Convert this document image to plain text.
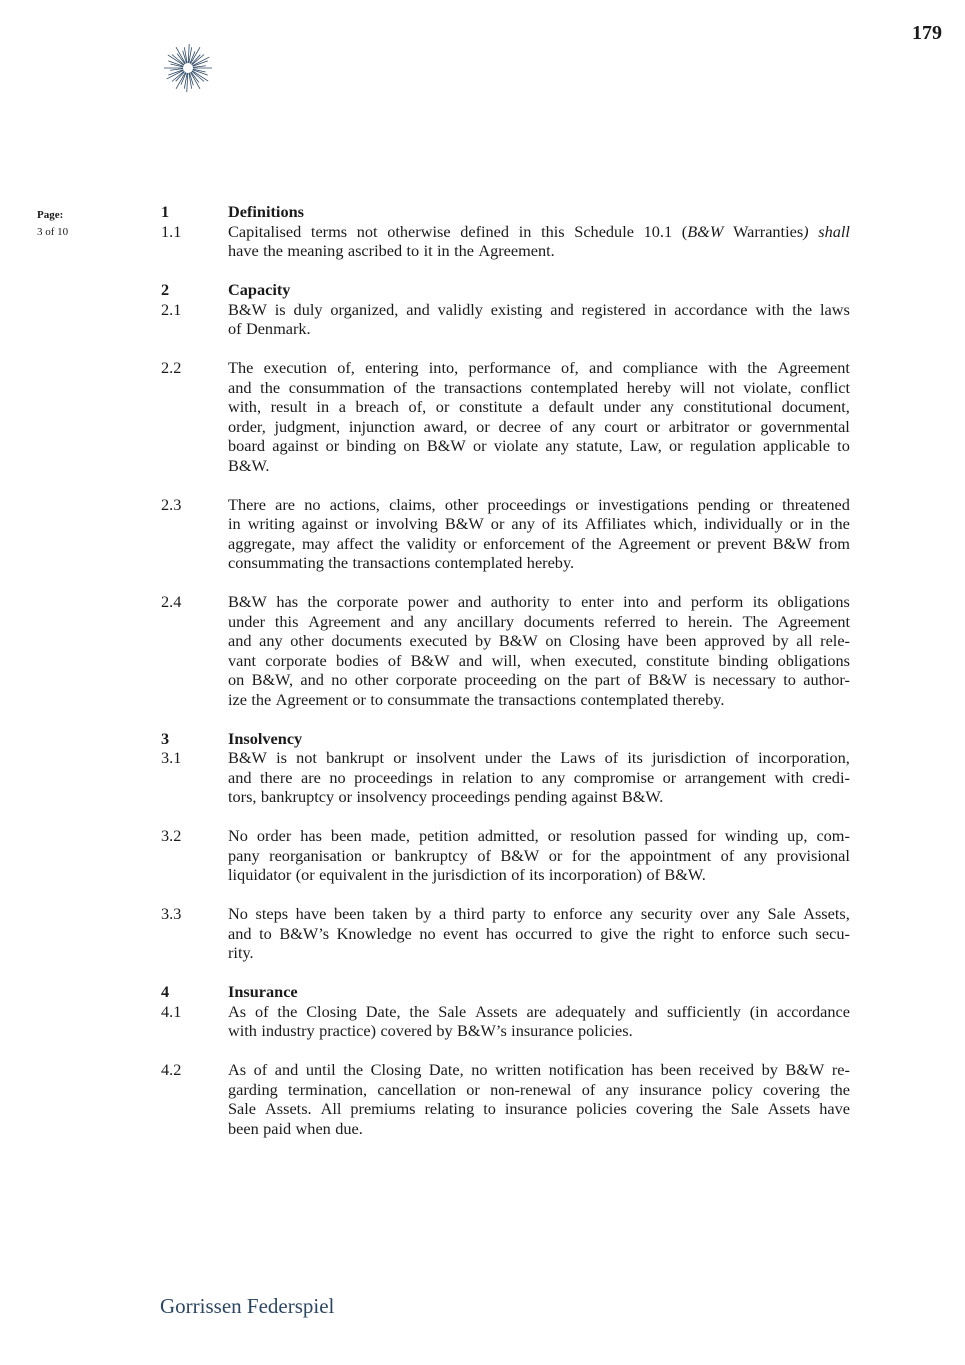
179
Page:
3 of 10
1	Definitions
1.1	Capitalised terms not otherwise defined in this Schedule 10.1 (B&W Warranties) shall
have the meaning ascribed to it in the Agreement.
2	Capacity
2.1	B&W is duly organized, and validly existing and registered in accordance with the laws
of Denmark.
2.2	The execution of, entering into, performance of, and compliance with the Agreement
and the consummation of the transactions contemplated hereby will not violate, conflict
with, result in a breach of, or constitute a default under any constitutional document,
order, judgment, injunction award, or decree of any court or arbitrator or governmental
board against or binding on B&W or violate any statute, Law, or regulation applicable to
B&W.
2.3	There are no actions, claims, other proceedings or investigations pending or threatened
in writing against or involving B&W or any of its Affiliates which, individually or in the
aggregate, may affect the validity or enforcement of the Agreement or prevent B&W from
consummating the transactions contemplated hereby.
2.4	B&W has the corporate power and authority to enter into and perform its obligations
under this Agreement and any ancillary documents referred to herein. The Agreement
and any other documents executed by B&W on Closing have been approved by all rele-
vant corporate bodies of B&W and will, when executed, constitute binding obligations
on B&W, and no other corporate proceeding on the part of B&W is necessary to author-
ize the Agreement or to consummate the transactions contemplated thereby.
3	Insolvency
3.1	B&W is not bankrupt or insolvent under the Laws of its jurisdiction of incorporation,
and there are no proceedings in relation to any compromise or arrangement with credi-
tors, bankruptcy or insolvency proceedings pending against B&W.
3.2	No order has been made, petition admitted, or resolution passed for winding up, com-
pany reorganisation or bankruptcy of B&W or for the appointment of any provisional
liquidator (or equivalent in the jurisdiction of its incorporation) of B&W.
3.3	No steps have been taken by a third party to enforce any security over any Sale Assets,
and to B&W’s Knowledge no event has occurred to give the right to enforce such secu-
rity.
4	Insurance
4.1	As of the Closing Date, the Sale Assets are adequately and sufficiently (in accordance
with industry practice) covered by B&W’s insurance policies.
4.2	As of and until the Closing Date, no written notification has been received by B&W re-
garding termination, cancellation or non-renewal of any insurance policy covering the
Sale Assets. All premiums relating to insurance policies covering the Sale Assets have
been paid when due.
Gorrissen Federspiel
